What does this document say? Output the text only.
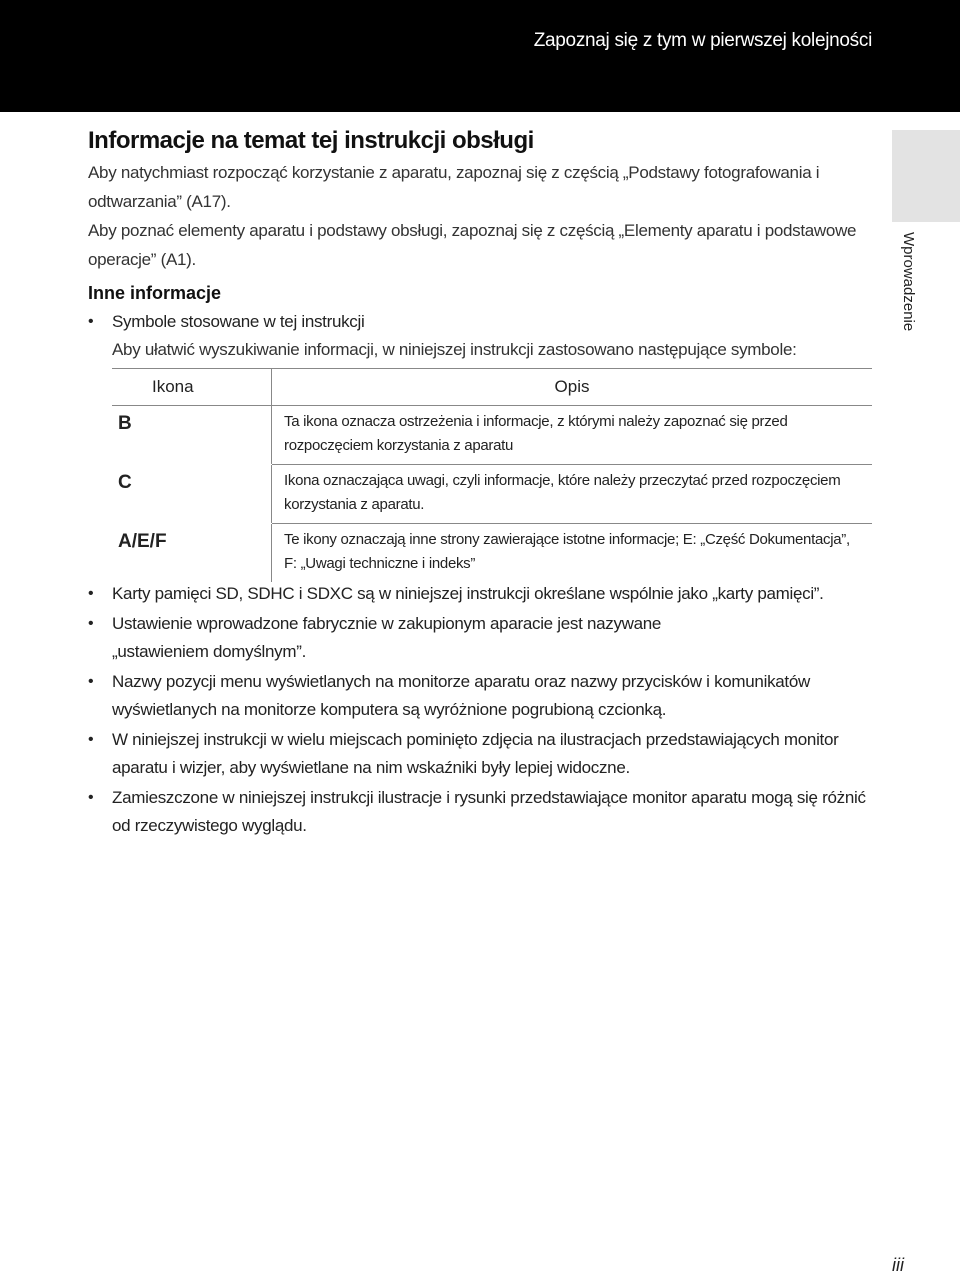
Zapoznaj się z tym w pierwszej kolejności
Wprowadzenie
Informacje na temat tej instrukcji obsługi
Aby natychmiast rozpocząć korzystanie z aparatu, zapoznaj się z częścią „Podstawy fotografowania i odtwarzania” (A17).
Aby poznać elementy aparatu i podstawy obsługi, zapoznaj się z częścią „Elementy aparatu i podstawowe operacje” (A1).
Inne informacje
• Symbole stosowane w tej instrukcji
Aby ułatwić wyszukiwanie informacji, w niniejszej instrukcji zastosowano następujące symbole:
Ikona	Opis
B	Ta ikona oznacza ostrzeżenia i informacje, z którymi należy zapoznać się przed rozpoczęciem korzystania z aparatu
C	Ikona oznaczająca uwagi, czyli informacje, które należy przeczytać przed rozpoczęciem korzystania z aparatu.
A/E/F	Te ikony oznaczają inne strony zawierające istotne informacje; E: „Część Dokumentacja”, F: „Uwagi techniczne i indeks”
• Karty pamięci SD, SDHC i SDXC są w niniejszej instrukcji określane wspólnie jako „karty pamięci”.
• Ustawienie wprowadzone fabrycznie w zakupionym aparacie jest nazywane „ustawieniem domyślnym”.
• Nazwy pozycji menu wyświetlanych na monitorze aparatu oraz nazwy przycisków i komunikatów wyświetlanych na monitorze komputera są wyróżnione pogrubioną czcionką.
• W niniejszej instrukcji w wielu miejscach pominięto zdjęcia na ilustracjach przedstawiających monitor aparatu i wizjer, aby wyświetlane na nim wskaźniki były lepiej widoczne.
• Zamieszczone w niniejszej instrukcji ilustracje i rysunki przedstawiające monitor aparatu mogą się różnić od rzeczywistego wyglądu.
iii
